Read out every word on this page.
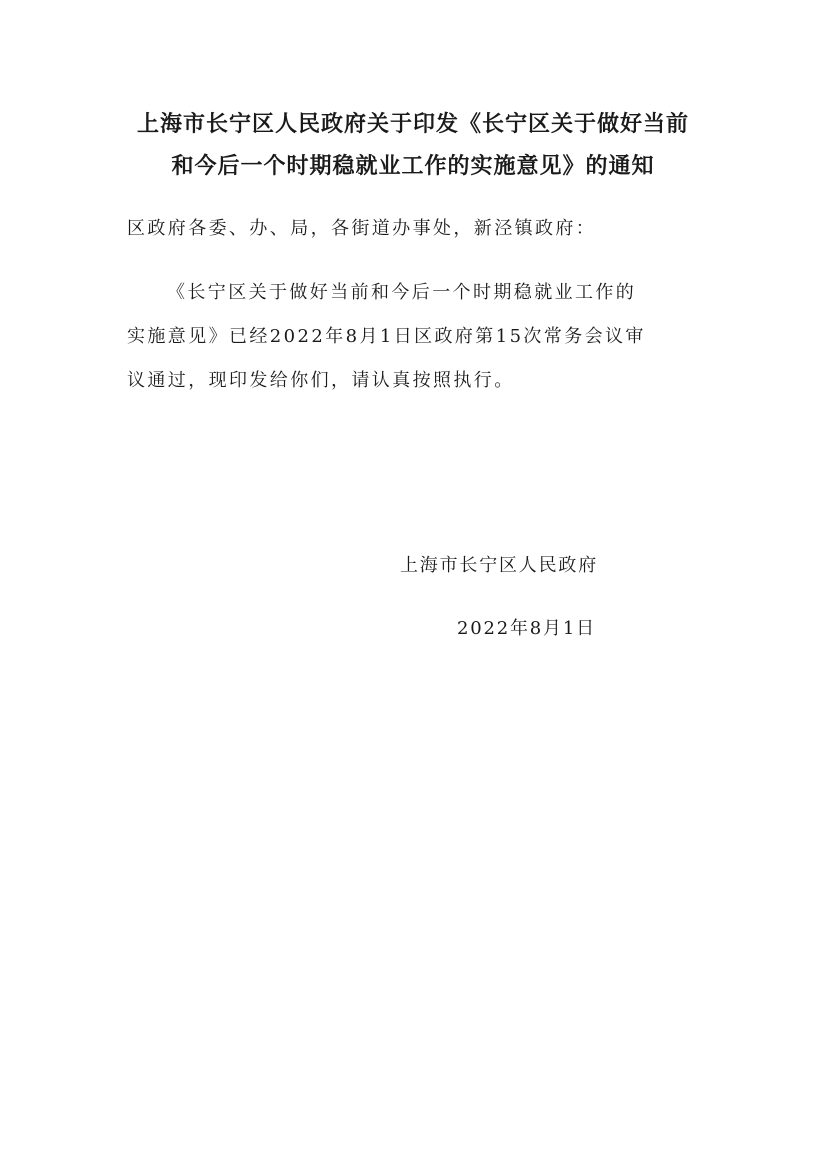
上海市长宁区人民政府关于印发《长宁区关于做好当前
和今后一个时期稳就业工作的实施意见》的通知
区政府各委、办、局，各街道办事处，新泾镇政府：
《长宁区关于做好当前和今后一个时期稳就业工作的
实施意见》已经2022年8月1日区政府第15次常务会议审
议通过，现印发给你们，请认真按照执行。
上海市长宁区人民政府
2022年8月1日
